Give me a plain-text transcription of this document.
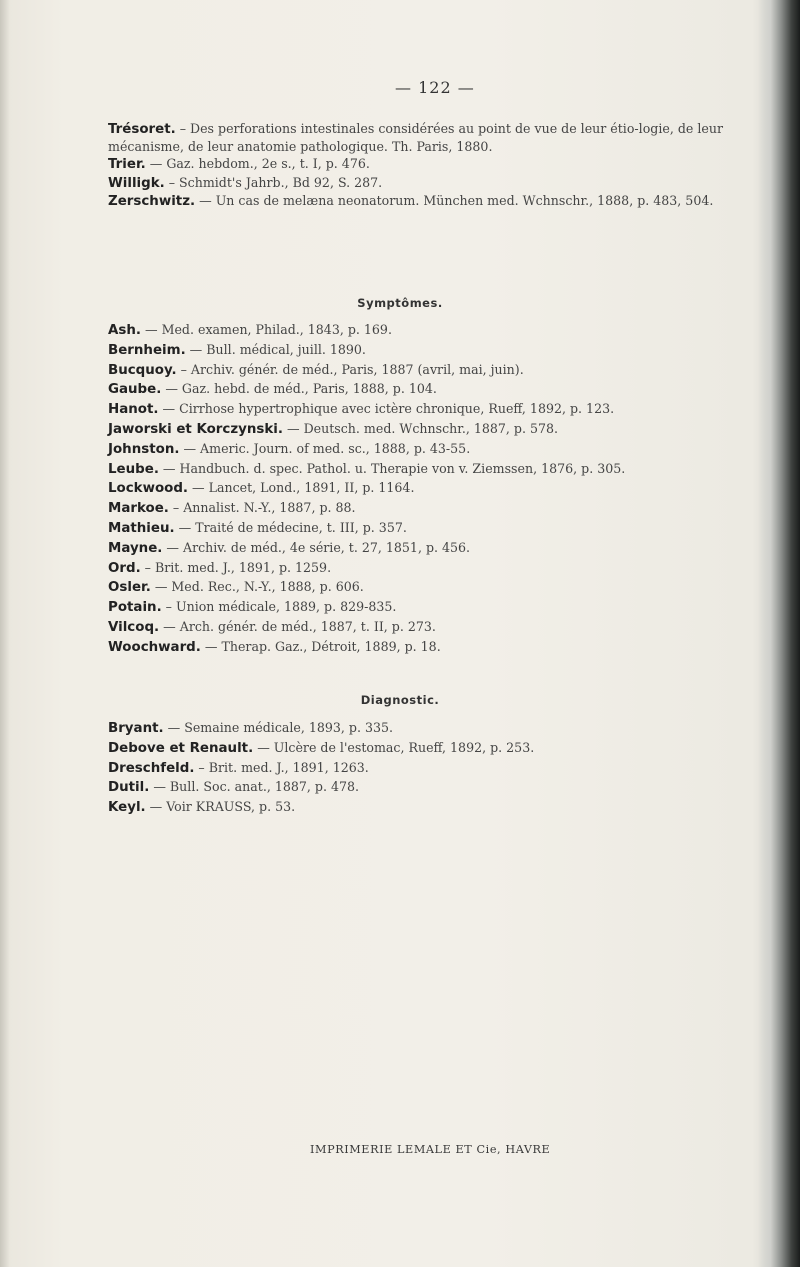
— 122 —

Trésoret. – Des perforations intestinales considérées au point de vue de leur étio-logie, de leur mécanisme, de leur anatomie pathologique. Th. Paris, 1880.

Trier. — Gaz. hebdom., 2e s., t. I, p. 476.

Willigk. – Schmidt's Jahrb., Bd 92, S. 287.

Zerschwitz. — Un cas de melæna neonatorum. München med. Wchnschr., 1888, p. 483, 504.

Symptômes.

Ash. — Med. examen, Philad., 1843, p. 169.

Bernheim. — Bull. médical, juill. 1890.

Bucquoy. – Archiv. génér. de méd., Paris, 1887 (avril, mai, juin).

Gaube. — Gaz. hebd. de méd., Paris, 1888, p. 104.

Hanot. — Cirrhose hypertrophique avec ictère chronique, Rueff, 1892, p. 123.

Jaworski et Korczynski. — Deutsch. med. Wchnschr., 1887, p. 578.

Johnston. — Americ. Journ. of med. sc., 1888, p. 43-55.

Leube. — Handbuch. d. spec. Pathol. u. Therapie von v. Ziemssen, 1876, p. 305.

Lockwood. — Lancet, Lond., 1891, II, p. 1164.

Markoe. – Annalist. N.-Y., 1887, p. 88.

Mathieu. — Traité de médecine, t. III, p. 357.

Mayne. — Archiv. de méd., 4e série, t. 27, 1851, p. 456.

Ord. – Brit. med. J., 1891, p. 1259.

Osler. — Med. Rec., N.-Y., 1888, p. 606.

Potain. – Union médicale, 1889, p. 829-835.

Vilcoq. — Arch. génér. de méd., 1887, t. II, p. 273.

Woochward. — Therap. Gaz., Détroit, 1889, p. 18.

Diagnostic.

Bryant. — Semaine médicale, 1893, p. 335.

Debove et Renault. — Ulcère de l'estomac, Rueff, 1892, p. 253.

Dreschfeld. – Brit. med. J., 1891, 1263.

Dutil. — Bull. Soc. anat., 1887, p. 478.

Keyl. — Voir KRAUSS, p. 53.

IMPRIMERIE LEMALE ET Cie, HAVRE
